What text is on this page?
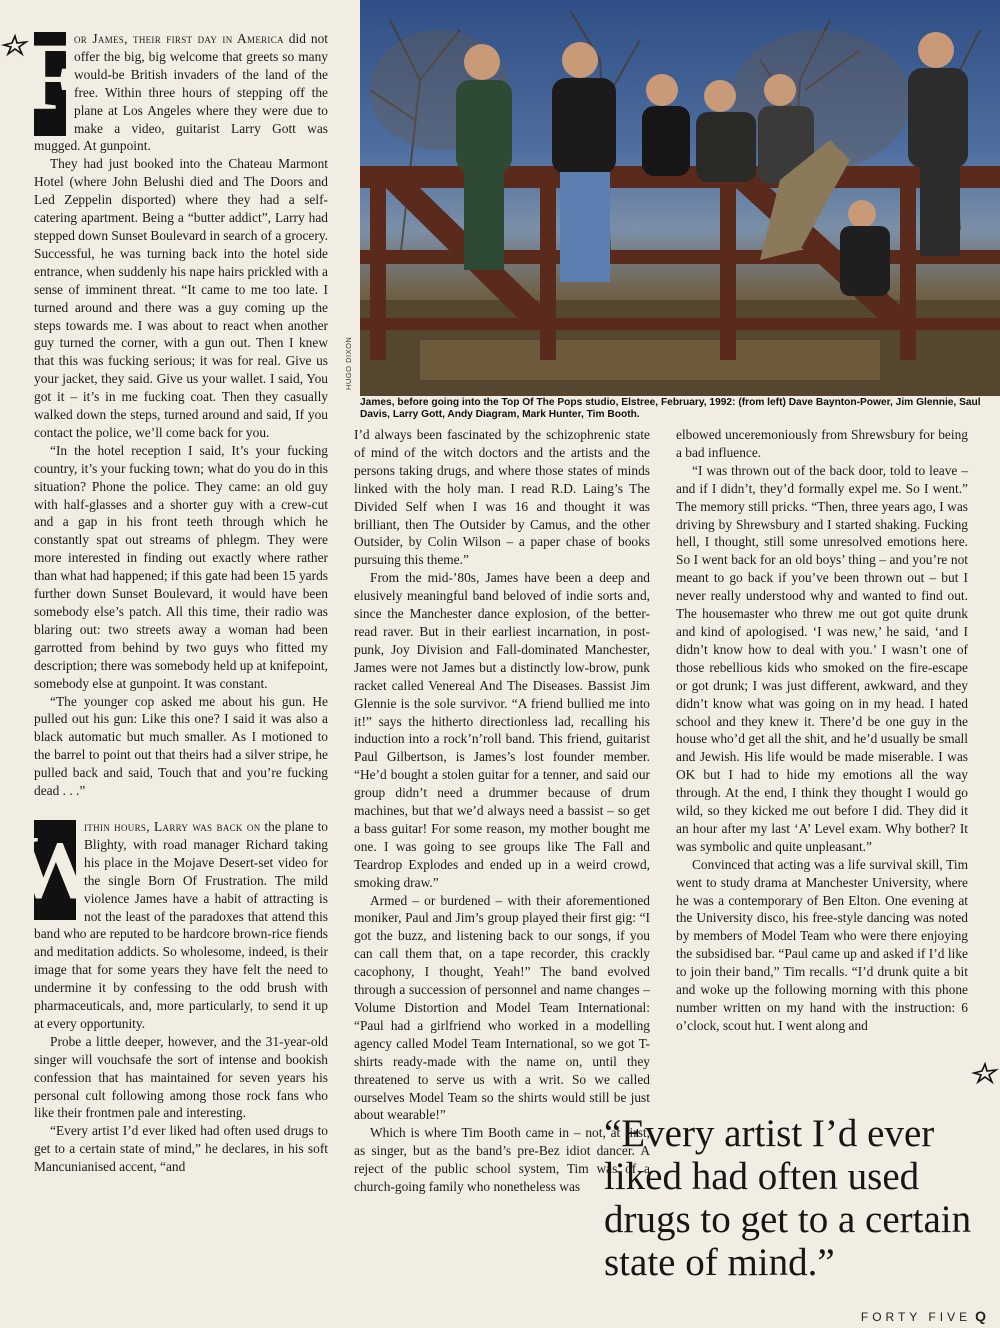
F
or James, their first day in America did not offer the big, big welcome that greets so many would-be British invaders of the land of the free. Within three hours of stepping off the plane at Los Angeles where they were due to make a video, guitarist Larry Gott was mugged. At gunpoint.

They had just booked into the Chateau Marmont Hotel (where John Belushi died and The Doors and Led Zeppelin disported) where they had a self-catering apartment. Being a “butter addict”, Larry had stepped down Sunset Boulevard in search of a grocery. Successful, he was turning back into the hotel side entrance, when suddenly his nape hairs prickled with a sense of imminent threat. “It came to me too late. I turned around and there was a guy coming up the steps towards me. I was about to react when another guy turned the corner, with a gun out. Then I knew that this was fucking serious; it was for real. Give us your jacket, they said. Give us your wallet. I said, You got it – it’s in me fucking coat. Then they casually walked down the steps, turned around and said, If you contact the police, we’ll come back for you.

“In the hotel reception I said, It’s your fucking country, it’s your fucking town; what do you do in this situation? Phone the police. They came: an old guy with half-glasses and a shorter guy with a crew-cut and a gap in his front teeth through which he constantly spat out streams of phlegm. They were more interested in finding out exactly where rather than what had happened; if this gate had been 15 yards further down Sunset Boulevard, it would have been somebody else’s patch. All this time, their radio was blaring out: two streets away a woman had been garrotted from behind by two guys who fitted my description; there was somebody held up at knifepoint, somebody else at gunpoint. It was constant.

“The younger cop asked me about his gun. He pulled out his gun: Like this one? I said it was also a black automatic but much smaller. As I motioned to the barrel to point out that theirs had a silver stripe, he pulled back and said, Touch that and you’re fucking dead . . .”

W
ithin hours, Larry was back on the plane to Blighty, with road manager Richard taking his place in the Mojave Desert-set video for the single Born Of Frustration. The mild violence James have a habit of attracting is not the least of the paradoxes that attend this band who are reputed to be hardcore brown-rice fiends and meditation addicts. So wholesome, indeed, is their image that for some years they have felt the need to undermine it by confessing to the odd brush with pharmaceuticals, and, more particularly, to send it up at every opportunity.

Probe a little deeper, however, and the 31-year-old singer will vouchsafe the sort of intense and bookish confession that has maintained for seven years his personal cult following among those rock fans who like their frontmen pale and interesting.

“Every artist I’d ever liked had often used drugs to get to a certain state of mind,” he declares, in his soft Mancunianised accent, “and

HUGO DIXON
James, before going into the Top Of The Pops studio, Elstree, February, 1992: (from left) Dave Baynton-Power, Jim Glennie, Saul Davis, Larry Gott, Andy Diagram, Mark Hunter, Tim Booth.

I’d always been fascinated by the schizophrenic state of mind of the witch doctors and the artists and the persons taking drugs, and where those states of minds linked with the holy man. I read R.D. Laing’s The Divided Self when I was 16 and thought it was brilliant, then The Outsider by Camus, and the other Outsider, by Colin Wilson – a paper chase of books pursuing this theme.”

From the mid-’80s, James have been a deep and elusively meaningful band beloved of indie sorts and, since the Manchester dance explosion, of the better-read raver. But in their earliest incarnation, in post-punk, Joy Division and Fall-dominated Manchester, James were not James but a distinctly low-brow, punk racket called Venereal And The Diseases. Bassist Jim Glennie is the sole survivor. “A friend bullied me into it!” says the hitherto directionless lad, recalling his induction into a rock’n’roll band. This friend, guitarist Paul Gilbertson, is James’s lost founder member. “He’d bought a stolen guitar for a tenner, and said our group didn’t need a drummer because of drum machines, but that we’d always need a bassist – so get a bass guitar! For some reason, my mother bought me one. I was going to see groups like The Fall and Teardrop Explodes and ended up in a weird crowd, smoking draw.”

Armed – or burdened – with their aforementioned moniker, Paul and Jim’s group played their first gig: “I got the buzz, and listening back to our songs, if you can call them that, on a tape recorder, this crackly cacophony, I thought, Yeah!” The band evolved through a succession of personnel and name changes – Volume Distortion and Model Team International: “Paul had a girlfriend who worked in a modelling agency called Model Team International, so we got T-shirts ready-made with the name on, until they threatened to serve us with a writ. So we called ourselves Model Team so the shirts would still be just about wearable!”

Which is where Tim Booth came in – not, at first, as singer, but as the band’s pre-Bez idiot dancer. A reject of the public school system, Tim was of a church-going family who nonetheless was

elbowed unceremoniously from Shrewsbury for being a bad influence.

“I was thrown out of the back door, told to leave – and if I didn’t, they’d formally expel me. So I went.” The memory still pricks. “Then, three years ago, I was driving by Shrewsbury and I started shaking. Fucking hell, I thought, still some unresolved emotions here. So I went back for an old boys’ thing – and you’re not meant to go back if you’ve been thrown out – but I never really understood why and wanted to find out. The housemaster who threw me out got quite drunk and kind of apologised. ‘I was new,’ he said, ‘and I didn’t know how to deal with you.’ I wasn’t one of those rebellious kids who smoked on the fire-escape or got drunk; I was just different, awkward, and they didn’t know what was going on in my head. I hated school and they knew it. There’d be one guy in the house who’d get all the shit, and he’d usually be small and Jewish. His life would be made miserable. I was OK but I had to hide my emotions all the way through. At the end, I think they thought I would go wild, so they kicked me out before I did. They did it an hour after my last ‘A’ Level exam. Why bother? It was symbolic and quite unpleasant.”

Convinced that acting was a life survival skill, Tim went to study drama at Manchester University, where he was a contemporary of Ben Elton. One evening at the University disco, his free-style dancing was noted by members of Model Team who were there enjoying the subsidised bar. “Paul came up and asked if I’d like to join their band,” Tim recalls. “I’d drunk quite a bit and woke up the following morning with this phone number written on my hand with the instruction: 6 o’clock, scout hut. I went along and

“Every artist I’d ever liked had often used drugs to get to a certain state of mind.”
FORTY FIVE Q
